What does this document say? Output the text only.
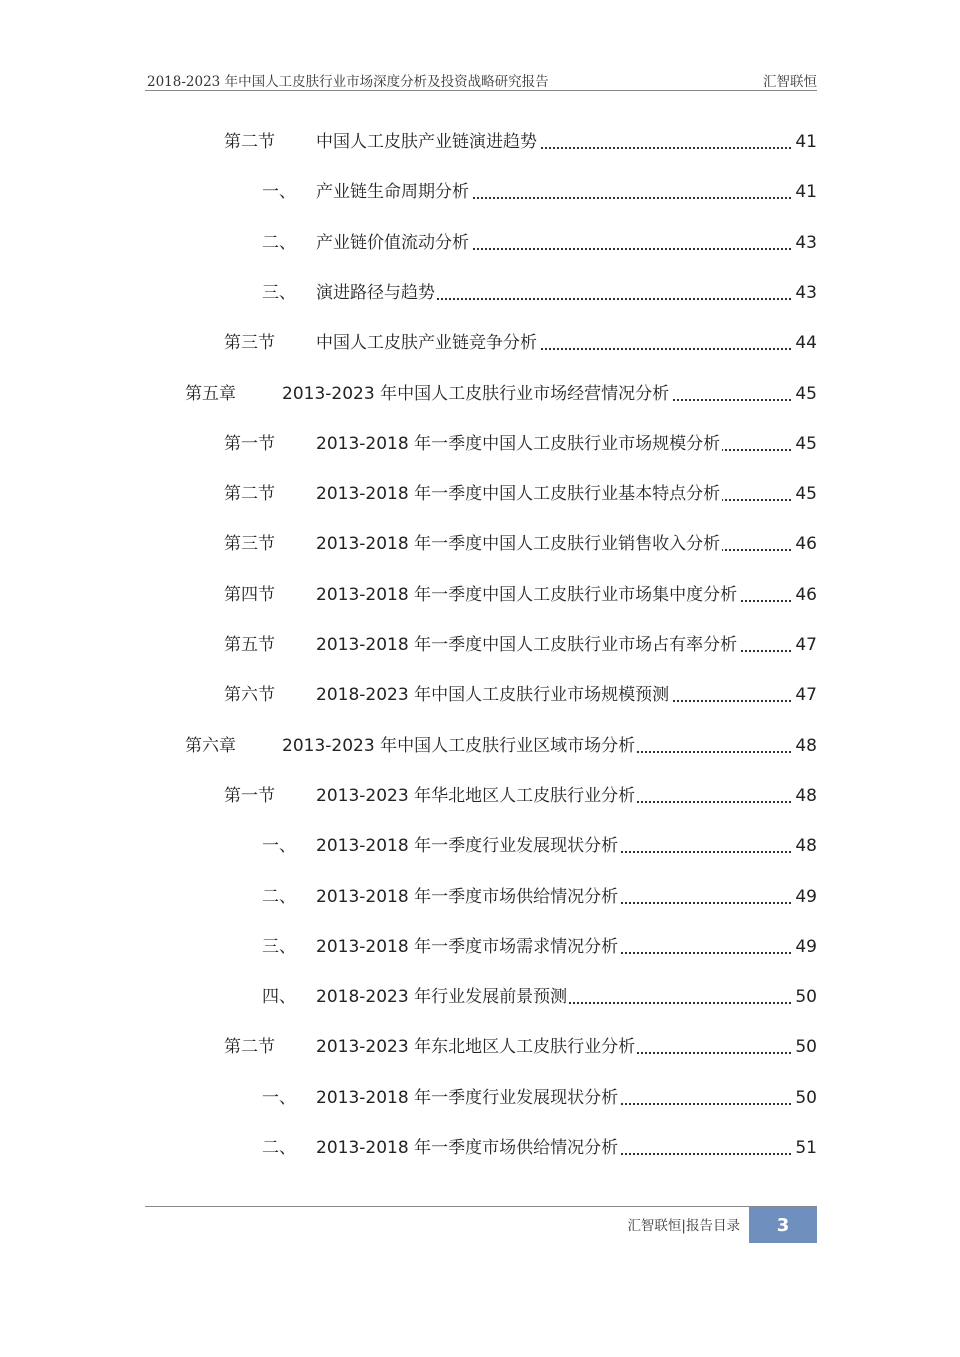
2018-2023 年中国人工皮肤行业市场深度分析及投资战略研究报告	汇智联恒
第二节 中国人工皮肤产业链演进趋势	41
一、 产业链生命周期分析	41
二、 产业链价值流动分析	43
三、 演进路径与趋势	43
第三节 中国人工皮肤产业链竞争分析	44
第五章	2013-2023 年中国人工皮肤行业市场经营情况分析	45
第一节 2013-2018 年一季度中国人工皮肤行业市场规模分析	45
第二节 2013-2018 年一季度中国人工皮肤行业基本特点分析	45
第三节 2013-2018 年一季度中国人工皮肤行业销售收入分析	46
第四节 2013-2018 年一季度中国人工皮肤行业市场集中度分析	46
第五节 2013-2018 年一季度中国人工皮肤行业市场占有率分析	47
第六节 2018-2023 年中国人工皮肤行业市场规模预测	47
第六章	2013-2023 年中国人工皮肤行业区域市场分析	48
第一节 2013-2023 年华北地区人工皮肤行业分析	48
一、 2013-2018 年一季度行业发展现状分析	48
二、 2013-2018 年一季度市场供给情况分析	49
三、 2013-2018 年一季度市场需求情况分析	49
四、 2018-2023 年行业发展前景预测	50
第二节 2013-2023 年东北地区人工皮肤行业分析	50
一、 2013-2018 年一季度行业发展现状分析	50
二、 2013-2018 年一季度市场供给情况分析	51
汇智联恒|报告目录	3
